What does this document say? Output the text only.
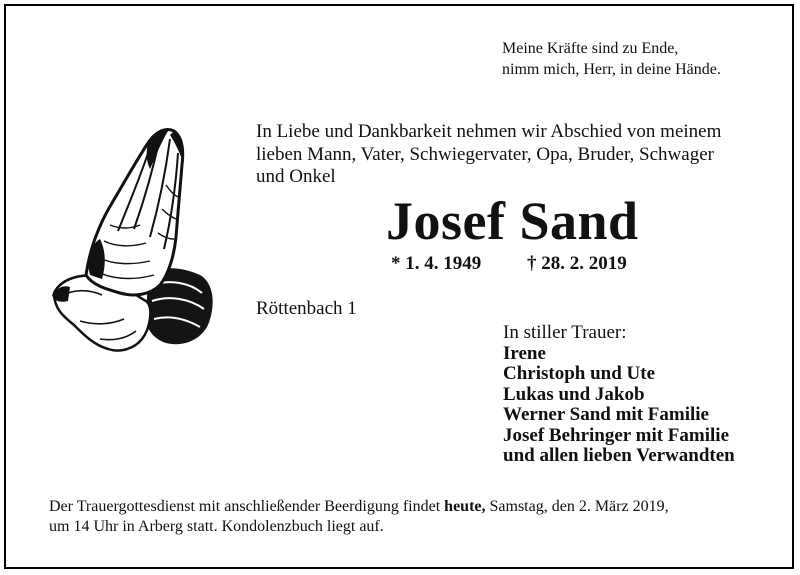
Meine Kräfte sind zu Ende,
nimm mich, Herr, in deine Hände.
In Liebe und Dankbarkeit nehmen wir Abschied von meinem
lieben Mann, Vater, Schwiegervater, Opa, Bruder, Schwager
und Onkel
Josef Sand
* 1. 4. 1949 † 28. 2. 2019
Röttenbach 1
In stiller Trauer:
Irene
Christoph und Ute
Lukas und Jakob
Werner Sand mit Familie
Josef Behringer mit Familie
und allen lieben Verwandten
Der Trauergottesdienst mit anschließender Beerdigung findet heute, Samstag, den 2. März 2019,
um 14 Uhr in Arberg statt. Kondolenzbuch liegt auf.
